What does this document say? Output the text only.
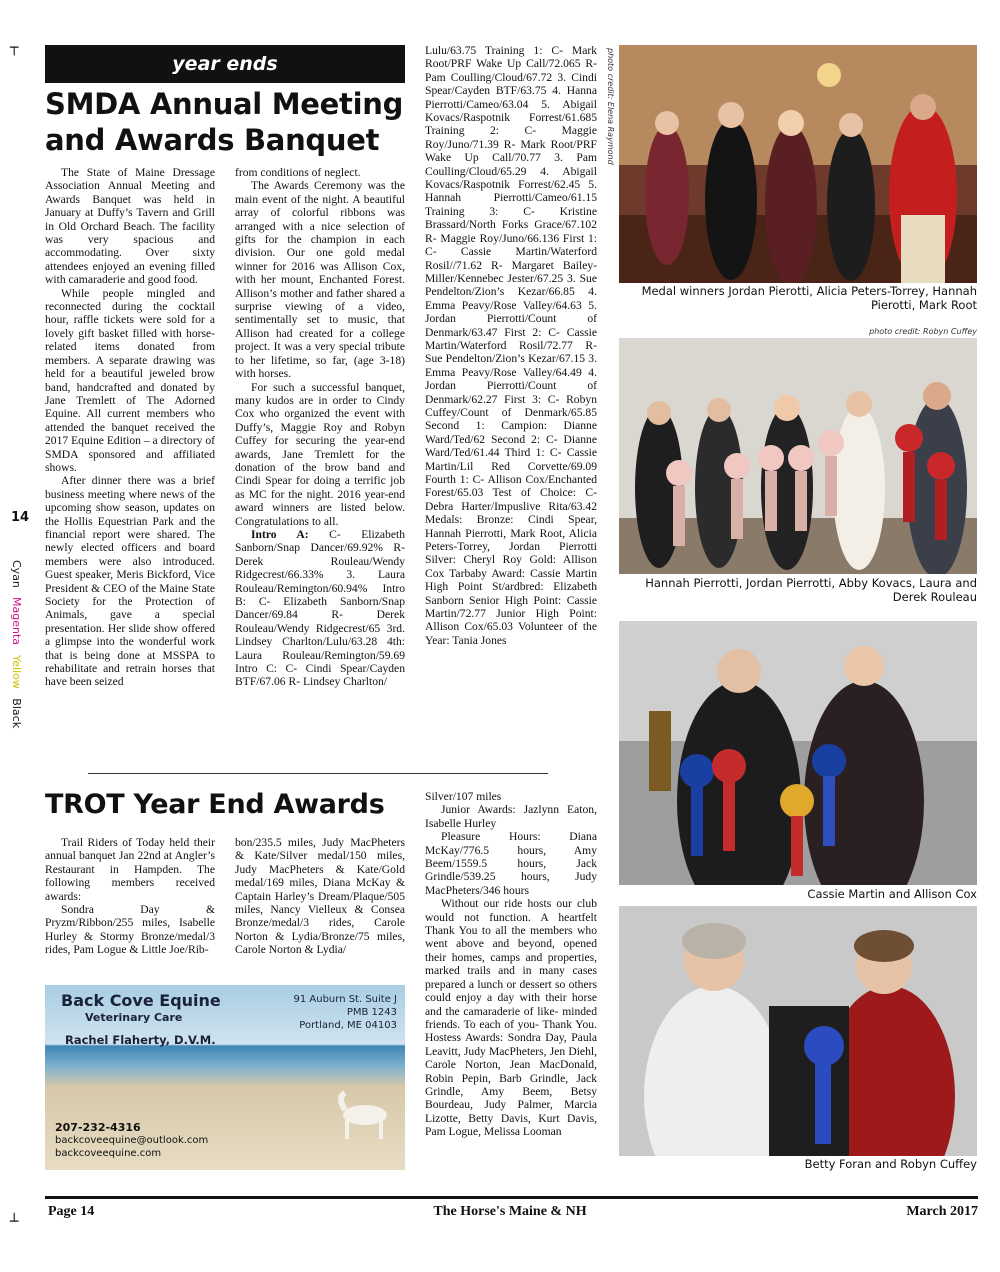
┬
┴
14
Cyan Magenta Yellow Black
year ends
SMDA Annual Meeting
and Awards Banquet

The State of Maine Dressage Association Annual Meeting and Awards Banquet was held in January at Duffy’s Tavern and Grill in Old Orchard Beach. The facility was very spacious and accommodating. Over sixty attendees enjoyed an evening filled with camaraderie and good food.

While people mingled and reconnected during the cocktail hour, raffle tickets were sold for a lovely gift basket filled with horse-related items donated from members. A separate drawing was held for a beautiful jeweled brow band, handcrafted and donated by Jane Tremlett of The Adorned Equine. All current members who attended the banquet received the 2017 Equine Edition – a directory of SMDA sponsored and affiliated shows.

After dinner there was a brief business meeting where news of the upcoming show season, updates on the Hollis Equestrian Park and the financial report were shared. The newly elected officers and board members were also introduced. Guest speaker, Meris Bickford, Vice President & CEO of the Maine State Society for the Protection of Animals, gave a special presentation. Her slide show offered a glimpse into the wonderful work that is being done at MSSPA to rehabilitate and retrain horses that have been seized

from conditions of neglect.

The Awards Ceremony was the main event of the night. A beautiful array of colorful ribbons was arranged with a nice selection of gifts for the champion in each division. Our one gold medal winner for 2016 was Allison Cox, with her mount, Enchanted Forest. Allison’s mother and father shared a surprise viewing of a video, sentimentally set to music, that Allison had created for a college project. It was a very special tribute to her lifetime, so far, (age 3-18) with horses.

For such a successful banquet, many kudos are in order to Cindy Cox who organized the event with Duffy’s, Maggie Roy and Robyn Cuffey for securing the year-end awards, Jane Tremlett for the donation of the brow band and Cindi Spear for doing a terrific job as MC for the night. 2016 year-end award winners are listed below. Congratulations to all.

Intro A: C- Elizabeth Sanborn/Snap Dancer/69.92% R- Derek Rouleau/Wendy Ridgecrest/66.33% 3. Laura Rouleau/Remington/60.94% Intro B: C- Elizabeth Sanborn/Snap Dancer/69.84 R- Derek Rouleau/Wendy Ridgecrest/65 3rd. Lindsey Charlton/Lulu/63.28 4th: Laura Rouleau/Remington/59.69 Intro C: C- Cindi Spear/Cayden BTF/67.06 R- Lindsey Charlton/

Lulu/63.75 Training 1: C- Mark Root/PRF Wake Up Call/72.065 R- Pam Coulling/Cloud/67.72 3. Cindi Spear/Cayden BTF/63.75 4. Hanna Pierrotti/Cameo/63.04 5. Abigail Kovacs/Raspotnik Forrest/61.685 Training 2: C- Maggie Roy/Juno/71.39 R- Mark Root/PRF Wake Up Call/70.77 3. Pam Coulling/Cloud/65.29 4. Abigail Kovacs/Raspotnik Forrest/62.45 5. Hannah Pierrotti/Cameo/61.15 Training 3: C- Kristine Brassard/North Forks Grace/67.102 R- Maggie Roy/Juno/66.136 First 1: C- Cassie Martin/Waterford Rosil//71.62 R- Margaret Bailey-Miller/Kennebec Jester/67.25 3. Sue Pendelton/Zion’s Kezar/66.85 4. Emma Peavy/Rose Valley/64.63 5. Jordan Pierrotti/Count of Denmark/63.47 First 2: C- Cassie Martin/Waterford Rosil/72.77 R- Sue Pendelton/Zion’s Kezar/67.15 3. Emma Peavy/Rose Valley/64.49 4. Jordan Pierrotti/Count of Denmark/62.27 First 3: C- Robyn Cuffey/Count of Denmark/65.85 Second 1: Campion: Dianne Ward/Ted/62 Second 2: C- Dianne Ward/Ted/61.44 Third 1: C- Cassie Martin/Lil Red Corvette/69.09 Fourth 1: C- Allison Cox/Enchanted Forest/65.03 Test of Choice: C- Debra Harter/Impuslive Rita/63.42 Medals: Bronze: Cindi Spear, Hannah Pierrotti, Mark Root, Alicia Peters-Torrey, Jordan Pierrotti Silver: Cheryl Roy Gold: Allison Cox Tarbaby Award: Cassie Martin High Point St/ardbred: Elizabeth Sanborn Senior High Point: Cassie Martin/72.77 Junior High Point: Allison Cox/65.03 Volunteer of the Year: Tania Jones

photo credit: Elena Raymond
Medal winners Jordan Pierotti, Alicia Peters-Torrey, Hannah Pierotti, Mark Root
photo credit: Robyn Cuffey
Hannah Pierrotti, Jordan Pierrotti, Abby Kovacs, Laura and Derek Rouleau
Cassie Martin and Allison Cox
Betty Foran and Robyn Cuffey
TROT Year End Awards

Trail Riders of Today held their annual banquet Jan 22nd at Angler’s Restaurant in Hampden. The following members received awards:

Sondra Day & Pryzm/Ribbon/255 miles, Isabelle Hurley & Stormy Bronze/medal/3 rides, Pam Logue & Little Joe/Rib-

bon/235.5 miles, Judy MacPheters & Kate/Silver medal/150 miles, Judy MacPheters & Kate/Gold medal/169 miles, Diana McKay & Captain Harley’s Dream/Plaque/505 miles, Nancy Vielleux & Consea Bronze/medal/3 rides, Carole Norton & Lydia/Bronze/75 miles, Carole Norton & Lydia/

Silver/107 miles

Junior Awards: Jazlynn Eaton, Isabelle Hurley

Pleasure Hours: Diana McKay/776.5 hours, Amy Beem/1559.5 hours, Jack Grindle/539.25 hours, Judy MacPheters/346 hours

Without our ride hosts our club would not function. A heartfelt Thank You to all the members who went above and beyond, opened their homes, camps and properties, marked trails and in many cases prepared a lunch or dessert so others could enjoy a day with their horse and the camaraderie of like- minded friends. To each of you- Thank You. Hostess Awards: Sondra Day, Paula Leavitt, Judy MacPheters, Jen Diehl, Carole Norton, Jean MacDonald, Robin Pepin, Barb Grindle, Jack Grindle, Amy Beem, Betsy Bourdeau, Judy Palmer, Marcia Lizotte, Betty Davis, Kurt Davis, Pam Logue, Melissa Looman

Back Cove Equine
Veterinary Care
Rachel Flaherty, D.V.M.
91 Auburn St. Suite J
PMB 1243
Portland, ME 04103
207-232-4316
backcoveequine@outlook.com
backcoveequine.com
Page 14	The Horse's Maine & NH	March 2017
